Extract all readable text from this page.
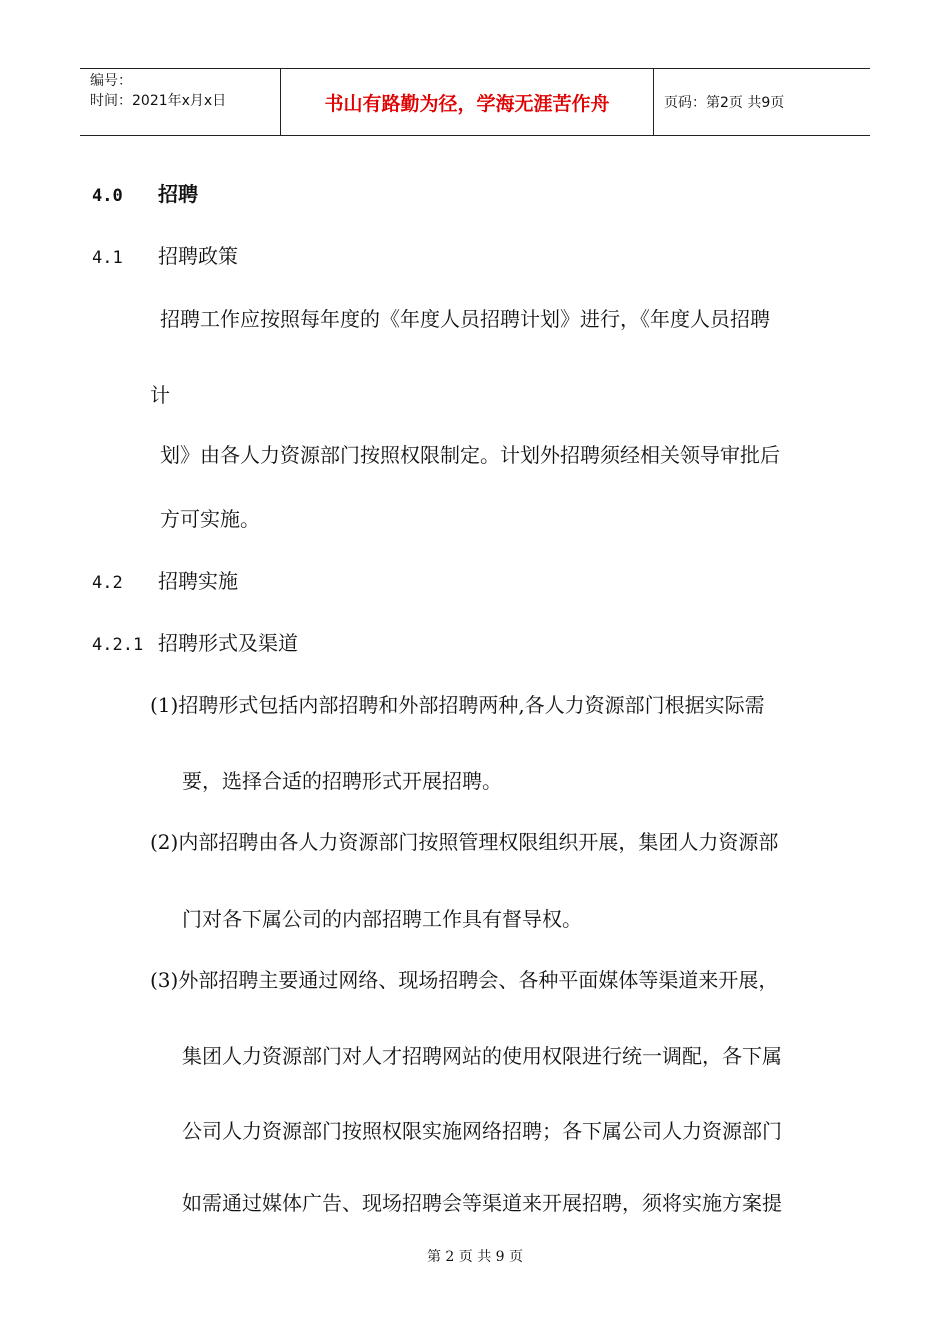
编号：
时间：2021年x月x日	书山有路勤为径，学海无涯苦作舟	页码：第2页 共9页
4.0 招聘
4.1 招聘政策
招聘工作应按照每年度的《年度人员招聘计划》进行，《年度人员招聘
计
划》由各人力资源部门按照权限制定。计划外招聘须经相关领导审批后
方可实施。
4.2 招聘实施
4.2.1 招聘形式及渠道
(1)招聘形式包括内部招聘和外部招聘两种,各人力资源部门根据实际需
要，选择合适的招聘形式开展招聘。
(2)内部招聘由各人力资源部门按照管理权限组织开展，集团人力资源部
门对各下属公司的内部招聘工作具有督导权。
(3)外部招聘主要通过网络、现场招聘会、各种平面媒体等渠道来开展，
集团人力资源部门对人才招聘网站的使用权限进行统一调配，各下属
公司人力资源部门按照权限实施网络招聘；各下属公司人力资源部门
如需通过媒体广告、现场招聘会等渠道来开展招聘，须将实施方案提
第 2 页 共 9 页
